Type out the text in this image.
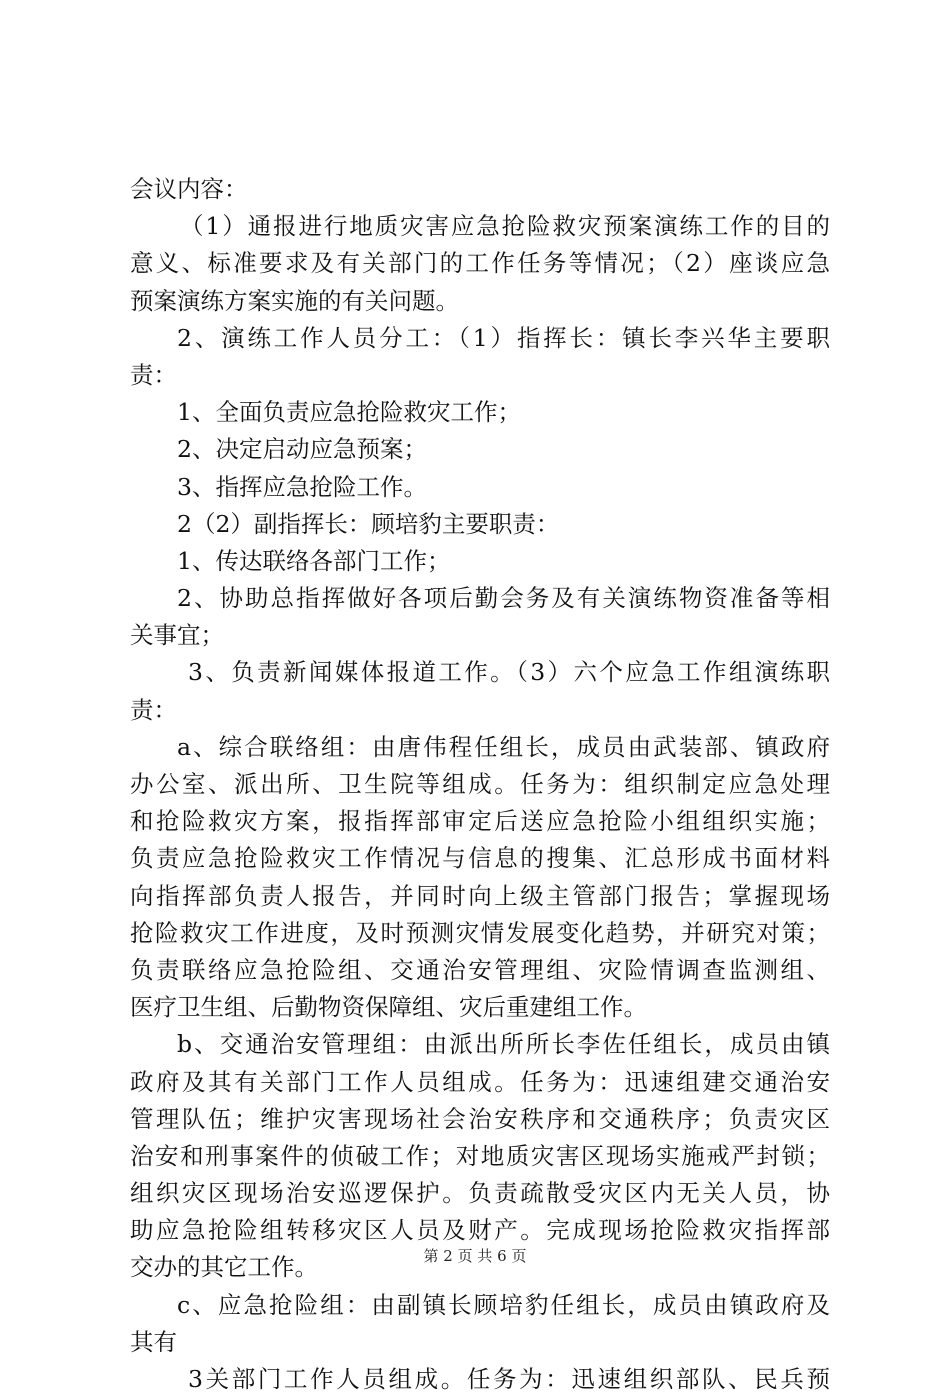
会议内容：
（1）通报进行地质灾害应急抢险救灾预案演练工作的目的
意义、标准要求及有关部门的工作任务等情况；（2）座谈应急
预案演练方案实施的有关问题。
2、演练工作人员分工：（1）指挥长：镇长李兴华主要职
责：
1、全面负责应急抢险救灾工作；
2、决定启动应急预案；
3、指挥应急抢险工作。
2（2）副指挥长：顾培豹主要职责：
1、传达联络各部门工作；
2、协助总指挥做好各项后勤会务及有关演练物资准备等相
关事宜；
3、负责新闻媒体报道工作。（3）六个应急工作组演练职
责：
a、综合联络组：由唐伟程任组长，成员由武装部、镇政府
办公室、派出所、卫生院等组成。任务为：组织制定应急处理
和抢险救灾方案，报指挥部审定后送应急抢险小组组织实施；
负责应急抢险救灾工作情况与信息的搜集、汇总形成书面材料
向指挥部负责人报告，并同时向上级主管部门报告；掌握现场
抢险救灾工作进度，及时预测灾情发展变化趋势，并研究对策；
负责联络应急抢险组、交通治安管理组、灾险情调查监测组、
医疗卫生组、后勤物资保障组、灾后重建组工作。
b、交通治安管理组：由派出所所长李佐任组长，成员由镇
政府及其有关部门工作人员组成。任务为：迅速组建交通治安
管理队伍；维护灾害现场社会治安秩序和交通秩序；负责灾区
治安和刑事案件的侦破工作；对地质灾害区现场实施戒严封锁；
组织灾区现场治安巡逻保护。负责疏散受灾区内无关人员，协
助应急抢险组转移灾区人员及财产。完成现场抢险救灾指挥部
交办的其它工作。
c、应急抢险组：由副镇长顾培豹任组长，成员由镇政府及
其有
3关部门工作人员组成。任务为：迅速组织部队、民兵预
第 2 页 共 6 页
